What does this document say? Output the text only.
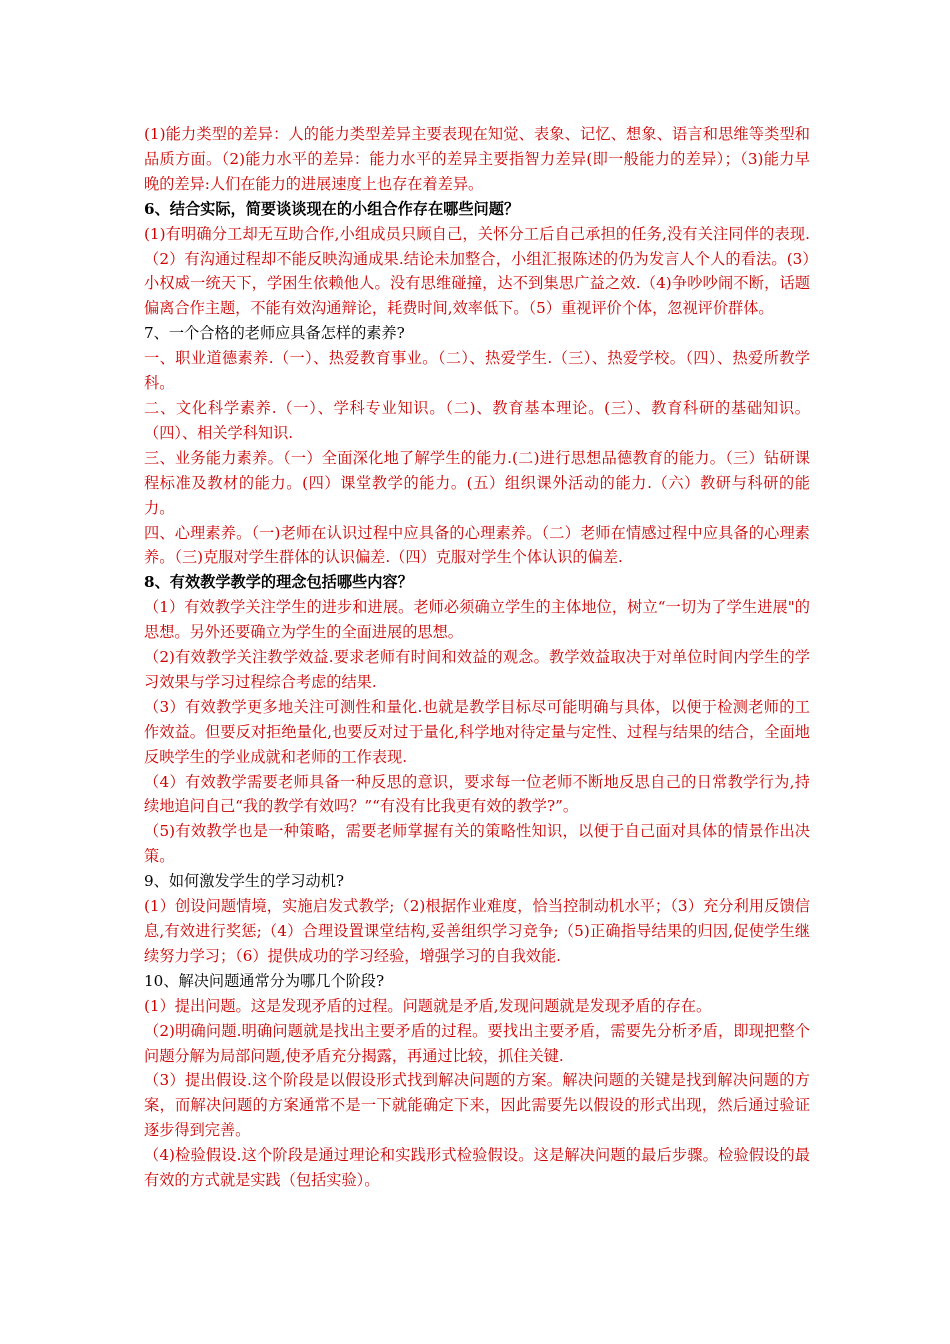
(1)能力类型的差异：人的能力类型差异主要表现在知觉、表象、记忆、想象、语言和思维等类型和品质方面。（2)能力水平的差异：能力水平的差异主要指智力差异(即一般能力的差异）；（3)能力早晚的差异:人们在能力的进展速度上也存在着差异。

6、结合实际，简要谈谈现在的小组合作存在哪些问题？

(1)有明确分工却无互助合作,小组成员只顾自己，关怀分工后自己承担的任务,没有关注同伴的表现.（2）有沟通过程却不能反映沟通成果.结论未加整合，小组汇报陈述的仍为发言人个人的看法。(3）小权威一统天下，学困生依赖他人。没有思维碰撞，达不到集思广益之效.（4)争吵吵闹不断，话题偏离合作主题，不能有效沟通辩论，耗费时间,效率低下。（5）重视评价个体，忽视评价群体。

7、一个合格的老师应具备怎样的素养?

一、职业道德素养.（一）、热爱教育事业。（二）、热爱学生.（三）、热爱学校。（四）、热爱所教学科。

二、文化科学素养.（一）、学科专业知识。（二)、教育基本理论。(三）、教育科研的基础知识。（四）、相关学科知识.

三、业务能力素养。（一）全面深化地了解学生的能力.(二)进行思想品德教育的能力。（三）钻研课程标准及教材的能力。(四）课堂教学的能力。(五）组织课外活动的能力.（六）教研与科研的能力。

四、心理素养。（一)老师在认识过程中应具备的心理素养。（二）老师在情感过程中应具备的心理素养。（三)克服对学生群体的认识偏差.（四）克服对学生个体认识的偏差.

8、有效教学教学的理念包括哪些内容？

（1）有效教学关注学生的进步和进展。老师必须确立学生的主体地位，树立“一切为了学生进展"的思想。另外还要确立为学生的全面进展的思想。

（2)有效教学关注教学效益.要求老师有时间和效益的观念。教学效益取决于对单位时间内学生的学习效果与学习过程综合考虑的结果.

（3）有效教学更多地关注可测性和量化.也就是教学目标尽可能明确与具体，以便于检测老师的工作效益。但要反对拒绝量化,也要反对过于量化,科学地对待定量与定性、过程与结果的结合，全面地反映学生的学业成就和老师的工作表现.

（4）有效教学需要老师具备一种反思的意识，要求每一位老师不断地反思自己的日常教学行为,持续地追问自己“我的教学有效吗？”“有没有比我更有效的教学?”。

（5)有效教学也是一种策略，需要老师掌握有关的策略性知识，以便于自己面对具体的情景作出决策。

9、如何激发学生的学习动机?

(1）创设问题情境，实施启发式教学;（2)根据作业难度，恰当控制动机水平；（3）充分利用反馈信息,有效进行奖惩;（4）合理设置课堂结构,妥善组织学习竞争;（5)正确指导结果的归因,促使学生继续努力学习；（6）提供成功的学习经验，增强学习的自我效能.

10、解决问题通常分为哪几个阶段?

(1）提出问题。这是发现矛盾的过程。问题就是矛盾,发现问题就是发现矛盾的存在。

（2)明确问题.明确问题就是找出主要矛盾的过程。要找出主要矛盾，需要先分析矛盾，即现把整个问题分解为局部问题,使矛盾充分揭露，再通过比较，抓住关键.

（3）提出假设.这个阶段是以假设形式找到解决问题的方案。解决问题的关键是找到解决问题的方案，而解决问题的方案通常不是一下就能确定下来，因此需要先以假设的形式出现，然后通过验证逐步得到完善。

（4)检验假设.这个阶段是通过理论和实践形式检验假设。这是解决问题的最后步骤。检验假设的最有效的方式就是实践（包括实验）。
